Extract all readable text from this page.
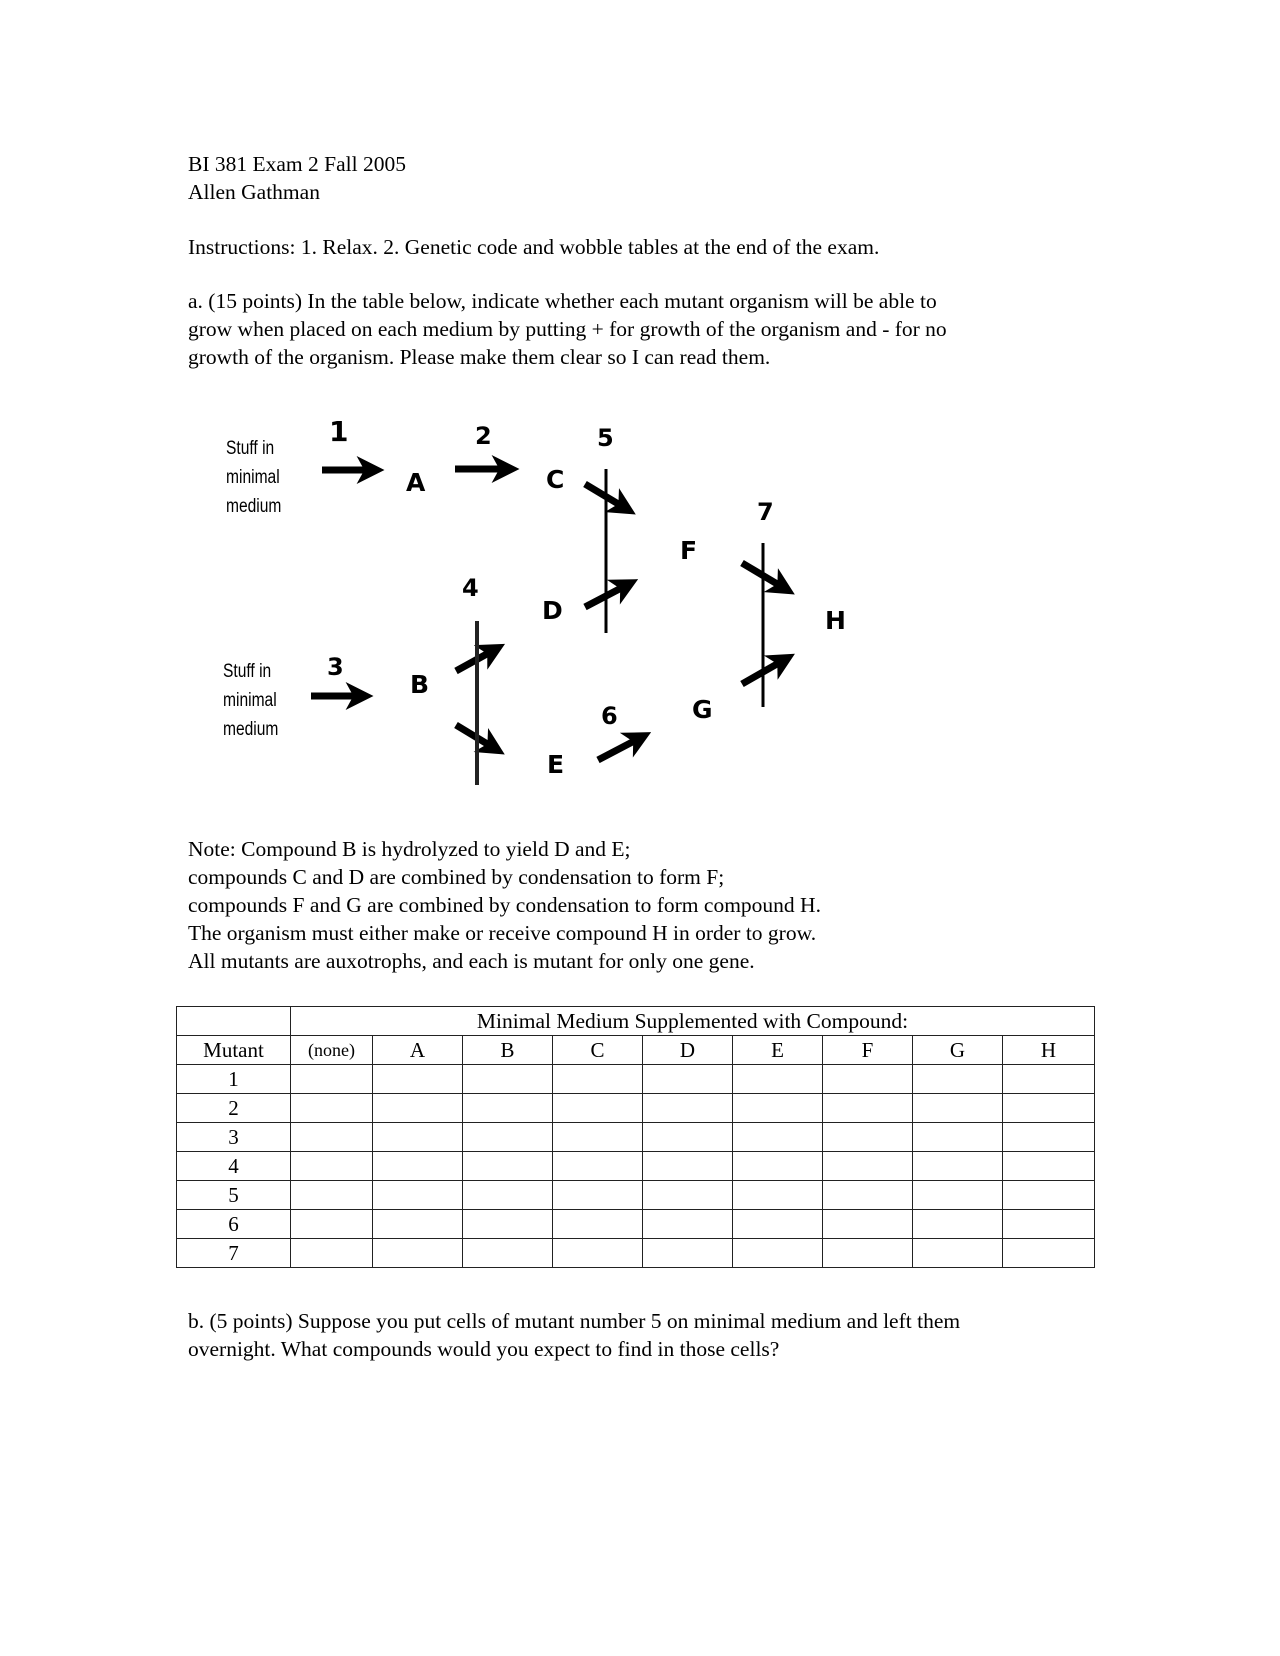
BI 381 Exam 2 Fall 2005
Allen Gathman
Instructions: 1. Relax. 2. Genetic code and wobble tables at the end of the exam.
a. (15 points) In the table below, indicate whether each mutant organism will be able to
grow when placed on each medium by putting + for growth of the organism and - for no
growth of the organism. Please make them clear so I can read them.
Stuff in
minimal
medium
Stuff in
minimal
medium
1	2	5
7
4
3
6
A	C
F
D	H
B
G
E
Note: Compound B is hydrolyzed to yield D and E;
compounds C and D are combined by condensation to form F;
compounds F and G are combined by condensation to form compound H.
The organism must either make or receive compound H in order to grow.
All mutants are auxotrophs, and each is mutant for only one gene.
	Minimal Medium Supplemented with Compound:								
Mutant	(none)	A	B	C	D	E	F	G	H
1									
2									
3									
4									
5									
6									
7									
b. (5 points) Suppose you put cells of mutant number 5 on minimal medium and left them
overnight. What compounds would you expect to find in those cells?
